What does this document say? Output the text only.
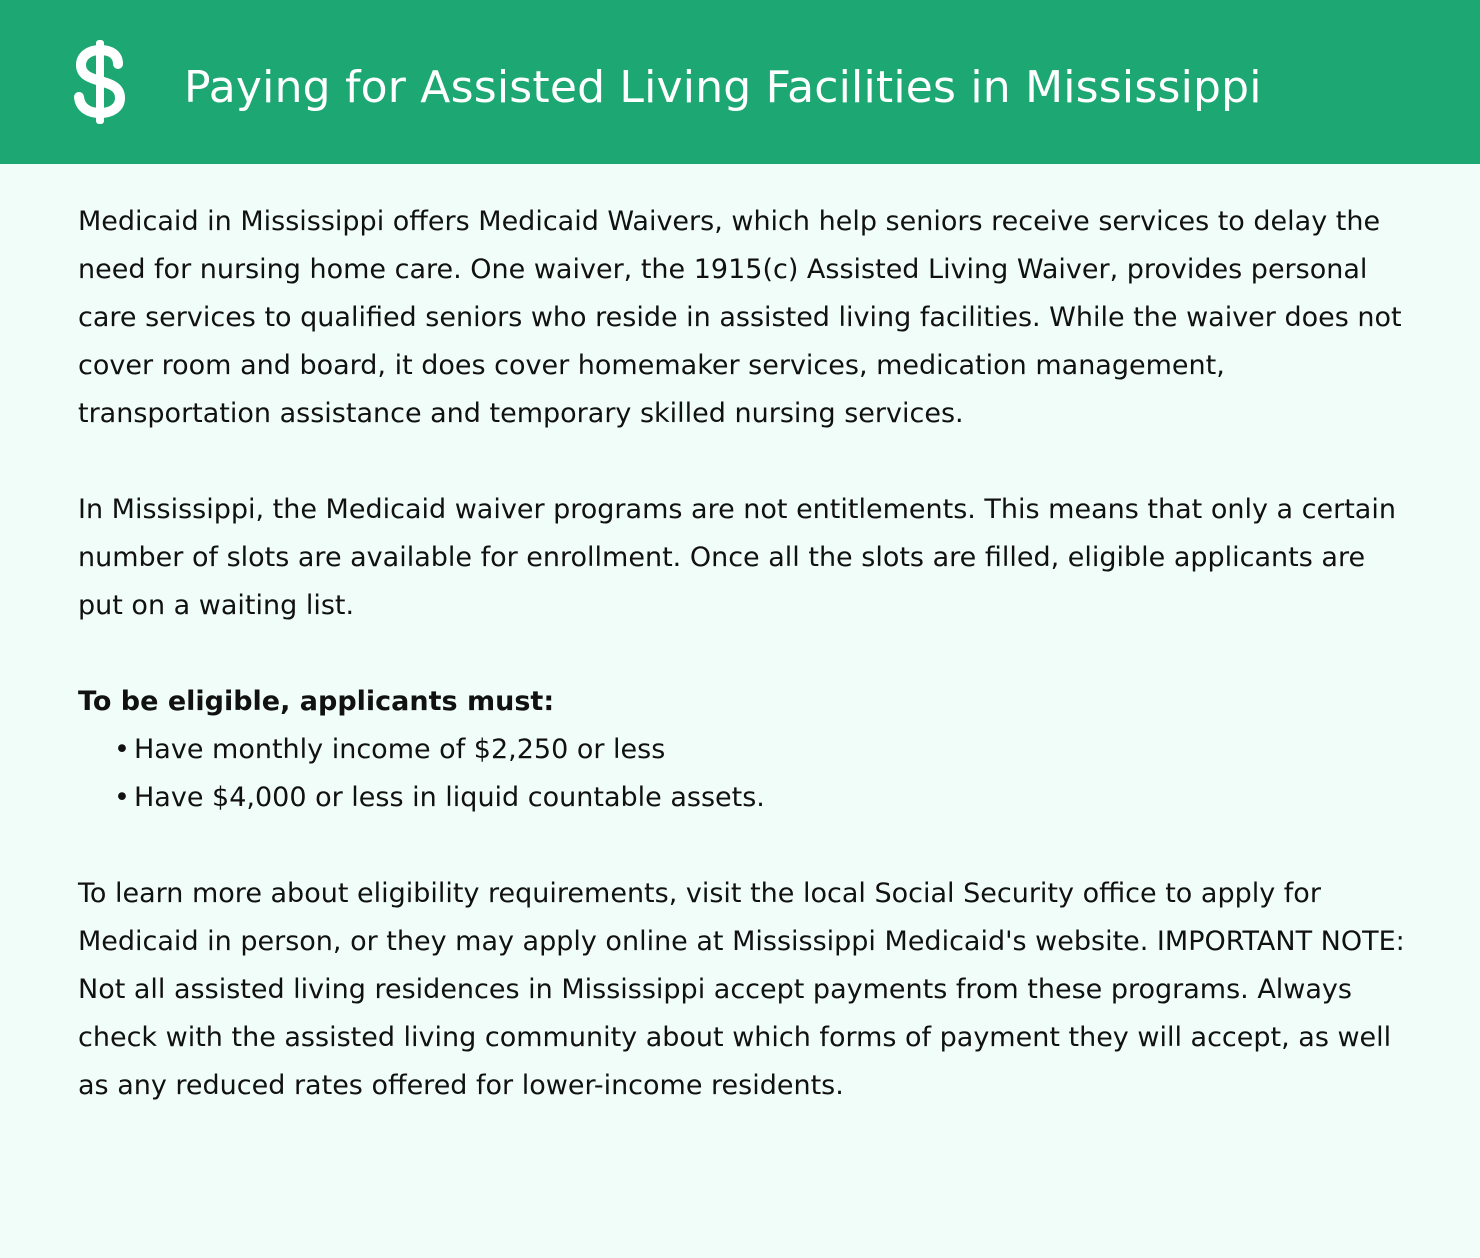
Paying for Assisted Living Facilities in Mississippi

Medicaid in Mississippi offers Medicaid Waivers, which help seniors receive services to delay the need for nursing home care. One waiver, the 1915(c) Assisted Living Waiver, provides personal care services to qualified seniors who reside in assisted living facilities. While the waiver does not cover room and board, it does cover homemaker services, medication management, transportation assistance and temporary skilled nursing services.

In Mississippi, the Medicaid waiver programs are not entitlements. This means that only a certain number of slots are available for enrollment. Once all the slots are filled, eligible applicants are put on a waiting list.

To be eligible, applicants must:
• Have monthly income of $2,250 or less
• Have $4,000 or less in liquid countable assets.

To learn more about eligibility requirements, visit the local Social Security office to apply for Medicaid in person, or they may apply online at Mississippi Medicaid's website. IMPORTANT NOTE: Not all assisted living residences in Mississippi accept payments from these programs. Always check with the assisted living community about which forms of payment they will accept, as well as any reduced rates offered for lower-income residents.
